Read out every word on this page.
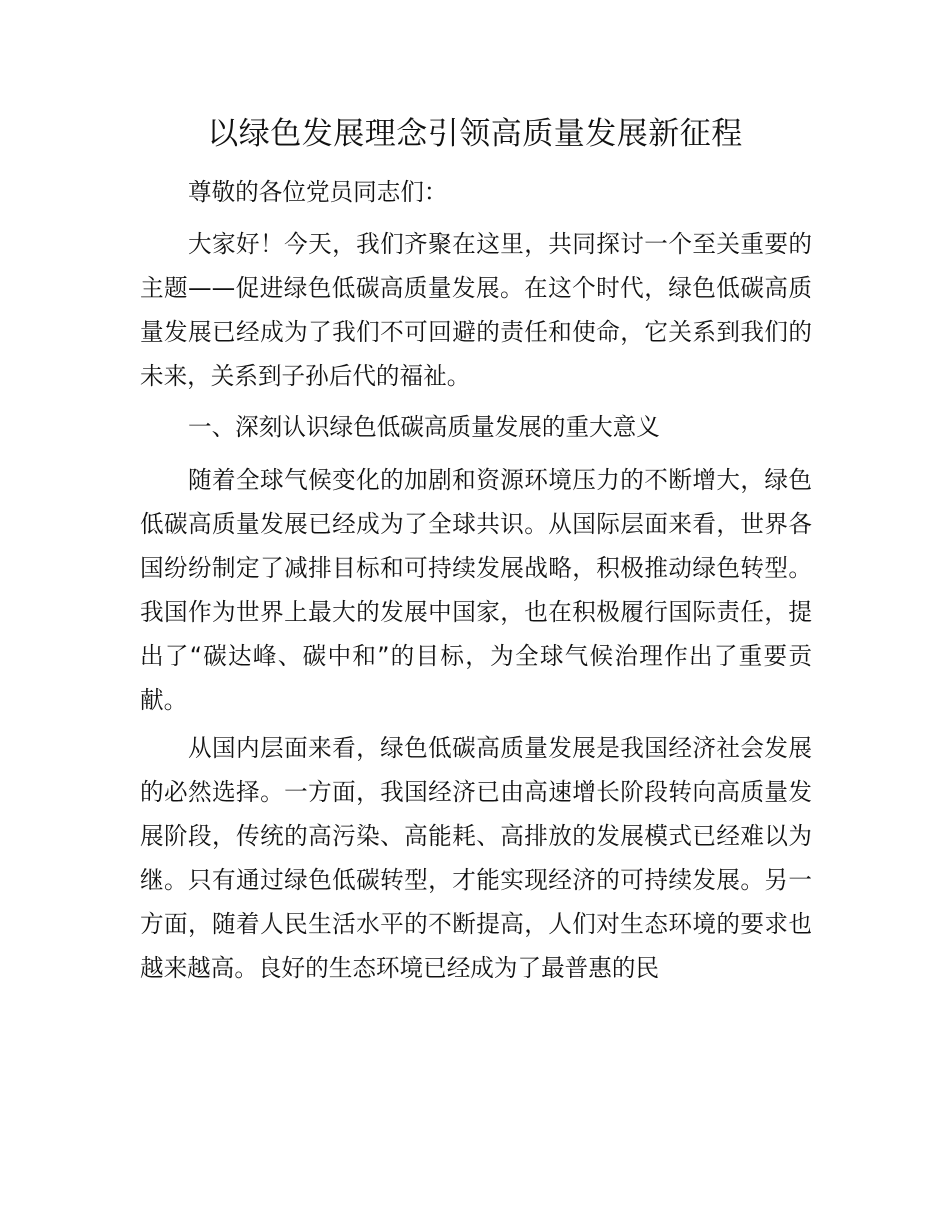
以绿色发展理念引领高质量发展新征程

尊敬的各位党员同志们：

大家好！今天，我们齐聚在这里，共同探讨一个至关重要的主题——促进绿色低碳高质量发展。在这个时代，绿色低碳高质量发展已经成为了我们不可回避的责任和使命，它关系到我们的未来，关系到子孙后代的福祉。

一、深刻认识绿色低碳高质量发展的重大意义

随着全球气候变化的加剧和资源环境压力的不断增大，绿色低碳高质量发展已经成为了全球共识。从国际层面来看，世界各国纷纷制定了减排目标和可持续发展战略，积极推动绿色转型。我国作为世界上最大的发展中国家，也在积极履行国际责任，提出了“碳达峰、碳中和”的目标，为全球气候治理作出了重要贡献。

从国内层面来看，绿色低碳高质量发展是我国经济社会发展的必然选择。一方面，我国经济已由高速增长阶段转向高质量发展阶段，传统的高污染、高能耗、高排放的发展模式已经难以为继。只有通过绿色低碳转型，才能实现经济的可持续发展。另一方面，随着人民生活水平的不断提高，人们对生态环境的要求也越来越高。良好的生态环境已经成为了最普惠的民
